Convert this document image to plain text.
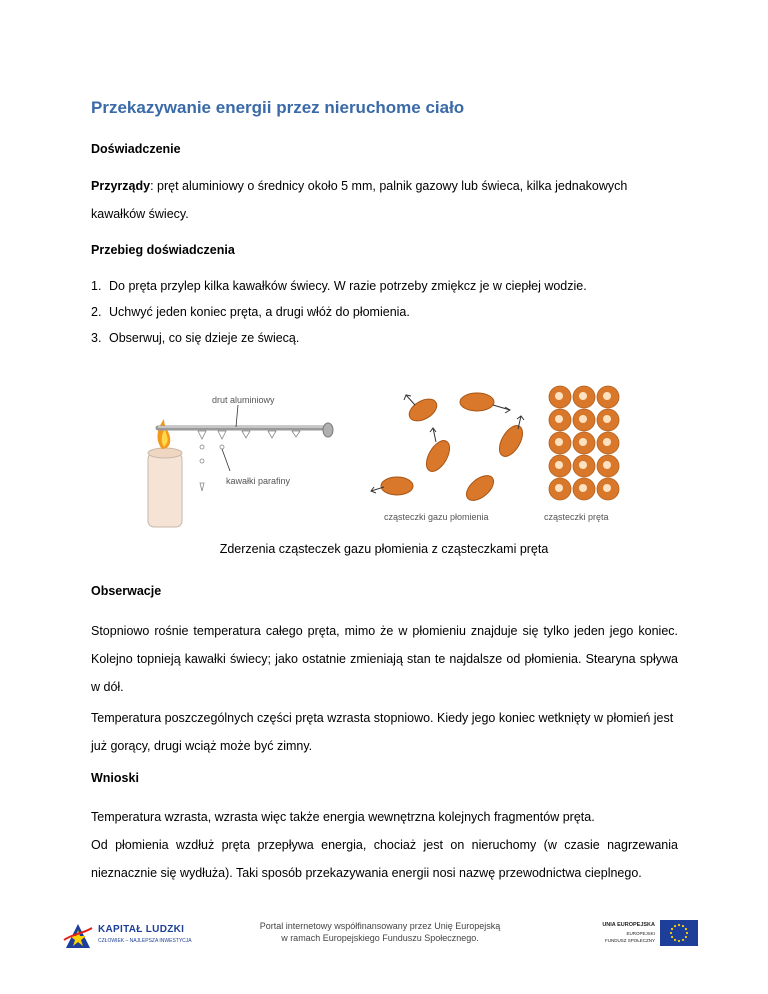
Przekazywanie energii przez nieruchome ciało
Doświadczenie
Przyrządy: pręt aluminiowy o średnicy około 5 mm, palnik gazowy lub świeca, kilka jednakowych kawałków świecy.
Przebieg doświadczenia
1. Do pręta przylep kilka kawałków świecy. W razie potrzeby zmiękcz je w ciepłej wodzie.
2. Uchwyć jeden koniec pręta, a drugi włóż do płomienia.
3. Obserwuj, co się dzieje ze świecą.
drut aluminiowy
kawałki parafiny
cząsteczki gazu płomienia	cząsteczki pręta
Zderzenia cząsteczek gazu płomienia z cząsteczkami pręta
Obserwacje
Stopniowo rośnie temperatura całego pręta, mimo że w płomieniu znajduje się tylko jeden jego koniec. Kolejno topnieją kawałki świecy; jako ostatnie zmieniają stan te najdalsze od płomienia. Stearyna spływa w dół.
Temperatura poszczególnych części pręta wzrasta stopniowo. Kiedy jego koniec wetknięty w płomień jest już gorący, drugi wciąż może być zimny.
Wnioski
Temperatura wzrasta, wzrasta więc także energia wewnętrzna kolejnych fragmentów pręta.
Od płomienia wzdłuż pręta przepływa energia, chociaż jest on nieruchomy (w czasie nagrzewania nieznacznie się wydłuża). Taki sposób przekazywania energii nosi nazwę przewodnictwa cieplnego.
KAPITAŁ LUDZKI
CZŁOWIEK – NAJLEPSZA INWESTYCJA
Portal internetowy współfinansowany przez Unię Europejską
w ramach Europejskiego Funduszu Społecznego.
UNIA EUROPEJSKA
EUROPEJSKI
FUNDUSZ SPOŁECZNY
